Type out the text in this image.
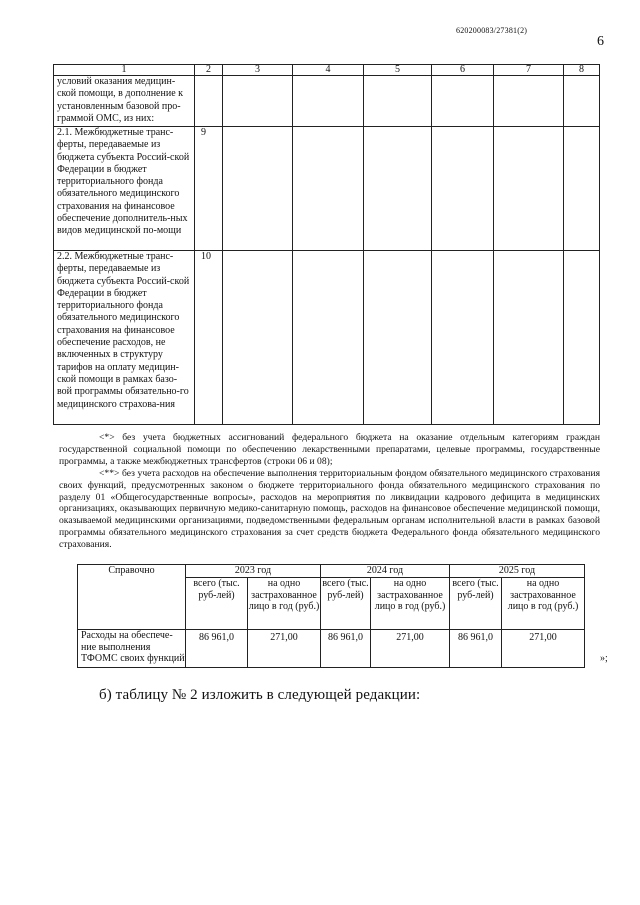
620200083/27381(2)
6
1	2	3	4	5	6	7	8
условий оказания медицин-ской помощи, в дополнение к установленным базовой про-граммой ОМС, из них:							
2.1. Межбюджетные транс-ферты, передаваемые из бюджета субъекта Россий-ской Федерации в бюджет территориального фонда обязательного медицинского страхования на финансовое обеспечение дополнитель-ных видов медицинской по-мощи	9						
2.2. Межбюджетные транс-ферты, передаваемые из бюджета субъекта Россий-ской Федерации в бюджет территориального фонда обязательного медицинского страхования на финансовое обеспечение расходов, не включенных в структуру тарифов на оплату медицин-ской помощи в рамках базо-вой программы обязательно-го медицинского страхова-ния	10						
<*> без учета бюджетных ассигнований федерального бюджета на оказание отдельным категориям граждан государственной социальной помощи по обеспечению лекарственными препаратами, целевые программы, государственные программы, а также межбюджетных трансфертов (строки 06 и 08);
<**> без учета расходов на обеспечение выполнения территориальным фондом обязательного медицинского страхования своих функций, предусмотренных законом о бюджете территориального фонда обязательного медицинского страхования по разделу 01 «Общегосударственные вопросы», расходов на мероприятия по ликвидации кадрового дефицита в медицинских организациях, оказывающих первичную медико-санитарную помощь, расходов на финансовое обеспечение медицинской помощи, оказываемой медицинскими организациями, подведомственными федеральным органам исполнительной власти в рамках базовой программы обязательного медицинского страхования за счет средств бюджета Федерального фонда обязательного медицинского страхования.
Справочно	2023 год		2024 год		2025 год		
	всего (тыс. руб-лей)	на одно застрахованное лицо в год (руб.)	всего (тыс. руб-лей)	на одно застрахованное лицо в год (руб.)	всего (тыс. руб-лей)	на одно застрахованное лицо в год (руб.)	
Расходы на обеспече-ние выполнения ТФОМС своих функций	86 961,0	271,00	86 961,0	271,00	86 961,0	271,00	
»;
б) таблицу № 2 изложить в следующей редакции:
